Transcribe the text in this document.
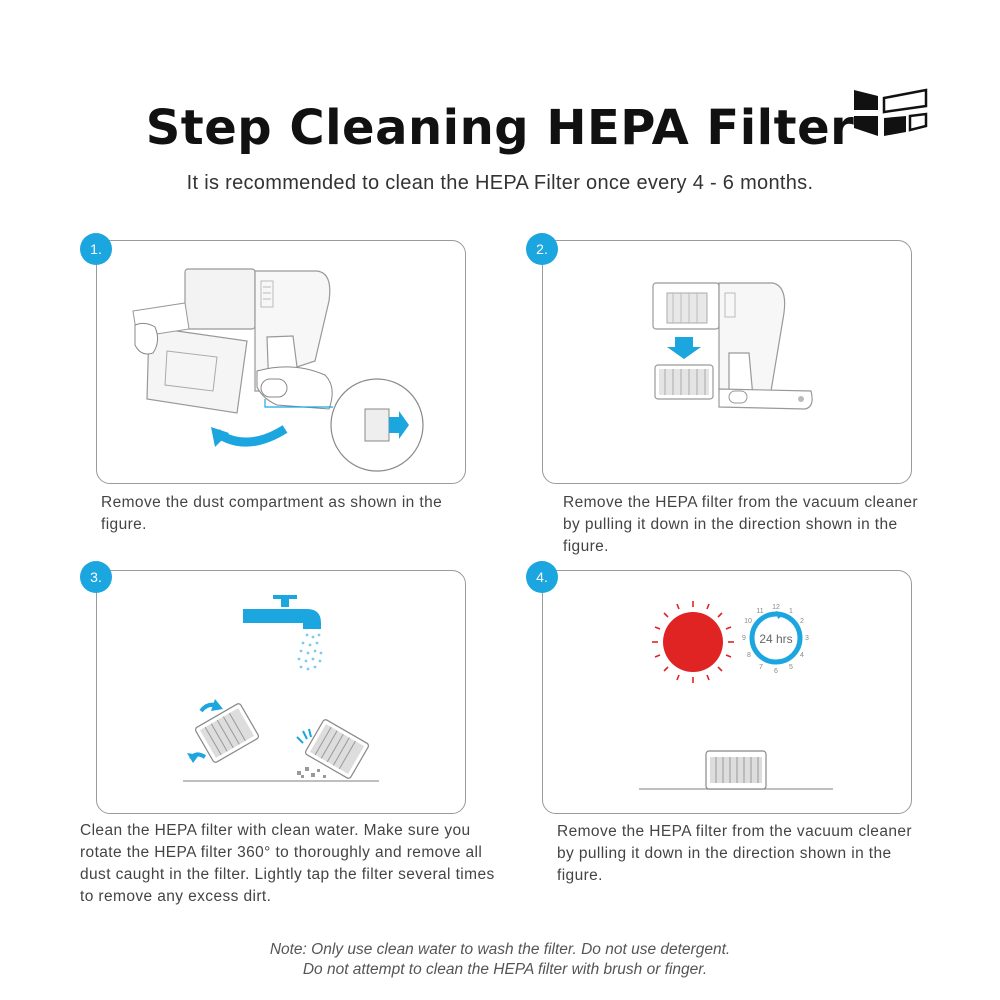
Step Cleaning HEPA Filter

It is recommended to clean the HEPA Filter once every 4 - 6 months.

1.

Remove the dust compartment as shown in the figure.

2.

Remove the HEPA filter from the vacuum cleaner by pulling it down in the direction shown in the figure.

3.

Clean the HEPA filter with clean water. Make sure you rotate the HEPA filter 360° to thoroughly and remove all dust caught in the filter. Lightly tap the filter several times to remove any excess dirt.

24 hrs
12
1
2
3
4
5
6
7
8
9
10
11
4.

Remove the HEPA filter from the vacuum cleaner by pulling it down in the direction shown in the figure.

Note: Only use clean water to wash the filter. Do not use detergent.
Do not attempt to clean the HEPA filter with brush or finger.
